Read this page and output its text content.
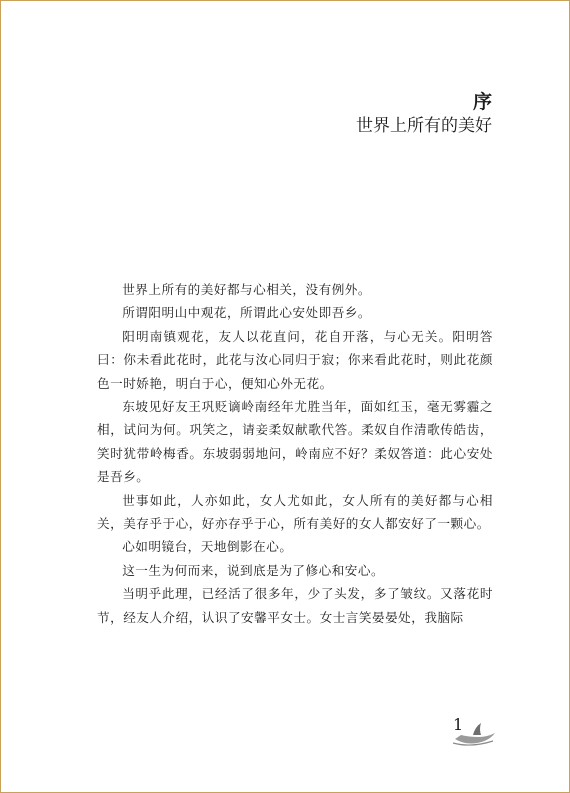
序
世界上所有的美好

世界上所有的美好都与心相关，没有例外。

所谓阳明山中观花，所谓此心安处即吾乡。

阳明南镇观花，友人以花直问，花自开落，与心无关。阳明答曰：你未看此花时，此花与汝心同归于寂；你来看此花时，则此花颜色一时娇艳，明白于心，便知心外无花。

东坡见好友王巩贬谪岭南经年尤胜当年，面如红玉，毫无雾霾之相，试问为何。巩笑之，请妾柔奴献歌代答。柔奴自作清歌传皓齿，笑时犹带岭梅香。东坡弱弱地问，岭南应不好？柔奴答道：此心安处是吾乡。

世事如此，人亦如此，女人尤如此，女人所有的美好都与心相关，美存乎于心，好亦存乎于心，所有美好的女人都安好了一颗心。

心如明镜台，天地倒影在心。

这一生为何而来，说到底是为了修心和安心。

当明乎此理，已经活了很多年，少了头发，多了皱纹。又落花时节，经友人介绍，认识了安馨平女士。女士言笑晏晏处，我脑际

1
